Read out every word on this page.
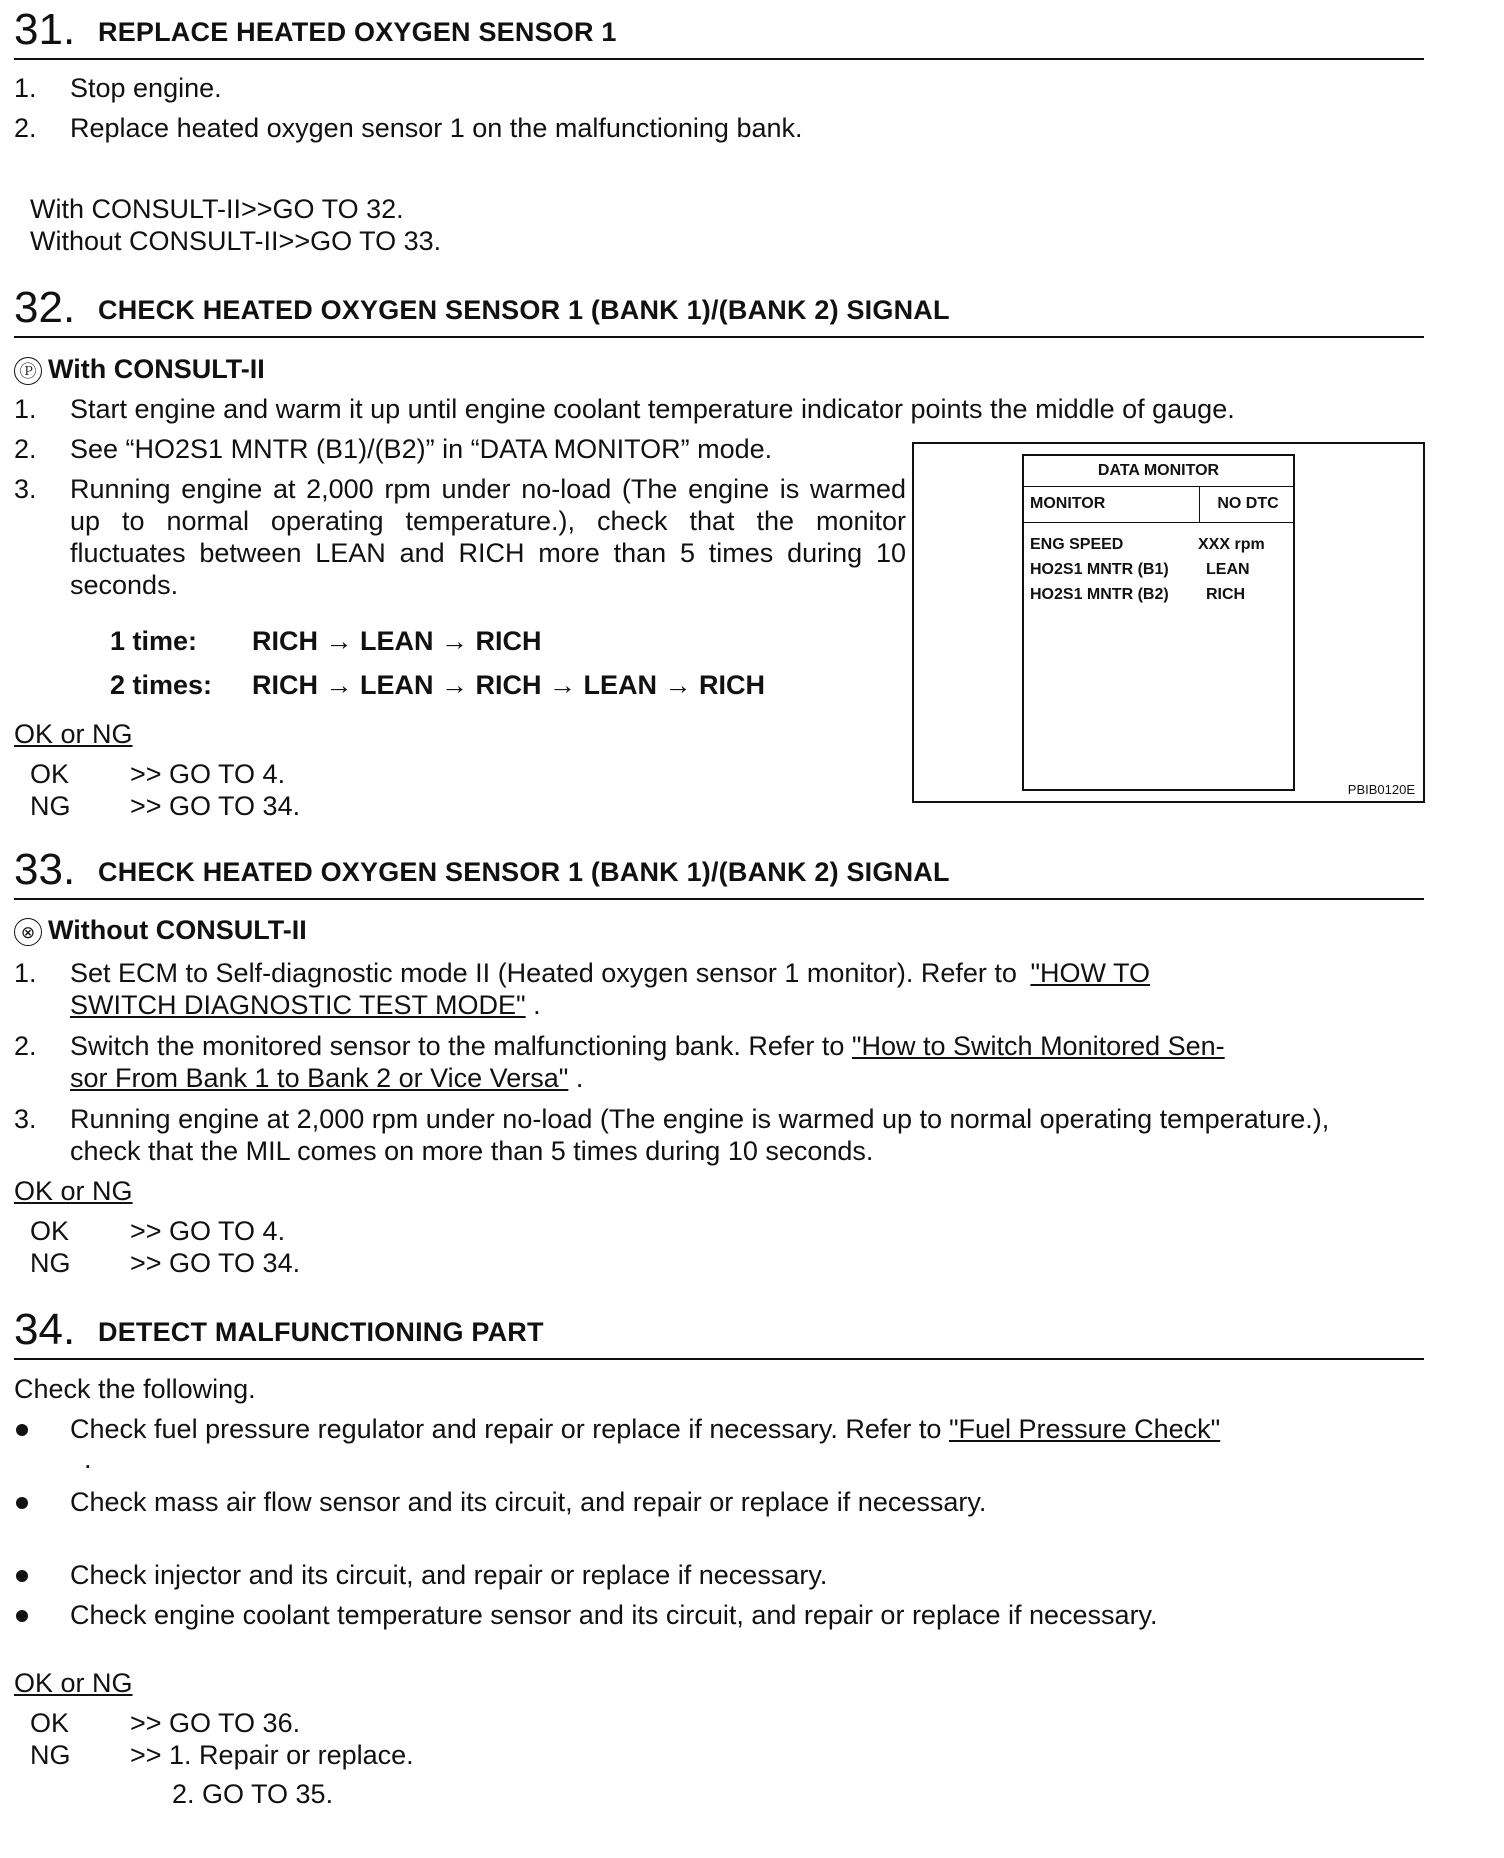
31. REPLACE HEATED OXYGEN SENSOR 1
1. Stop engine.
2. Replace heated oxygen sensor 1 on the malfunctioning bank.
With CONSULT-II>>GO TO 32.
Without CONSULT-II>>GO TO 33.
32. CHECK HEATED OXYGEN SENSOR 1 (BANK 1)/(BANK 2) SIGNAL
Ⓟ With CONSULT-II
1. Start engine and warm it up until engine coolant temperature indicator points the middle of gauge.
2. See “HO2S1 MNTR (B1)/(B2)” in “DATA MONITOR” mode.
3. Running engine at 2,000 rpm under no-load (The engine is warmed up to normal operating temperature.), check that the monitor fluctuates between LEAN and RICH more than 5 times during 10 seconds.
1 time: RICH → LEAN → RICH
2 times: RICH → LEAN → RICH → LEAN → RICH
OK or NG
OK >> GO TO 4.
NG >> GO TO 34.
DATA MONITOR
MONITOR	NO DTC
ENG SPEED	XXX rpm
HO2S1 MNTR (B1) LEAN
HO2S1 MNTR (B2) RICH
PBIB0120E
33. CHECK HEATED OXYGEN SENSOR 1 (BANK 1)/(BANK 2) SIGNAL
⊗ Without CONSULT-II
1. Set ECM to Self-diagnostic mode II (Heated oxygen sensor 1 monitor). Refer to "HOW TO
SWITCH DIAGNOSTIC TEST MODE" .
2. Switch the monitored sensor to the malfunctioning bank. Refer to "How to Switch Monitored Sen-
sor From Bank 1 to Bank 2 or Vice Versa" .
3. Running engine at 2,000 rpm under no-load (The engine is warmed up to normal operating temperature.),
check that the MIL comes on more than 5 times during 10 seconds.
OK or NG
OK >> GO TO 4.
NG >> GO TO 34.
34. DETECT MALFUNCTIONING PART
Check the following.
Check fuel pressure regulator and repair or replace if necessary. Refer to "Fuel Pressure Check"
.
Check mass air flow sensor and its circuit, and repair or replace if necessary.
Check injector and its circuit, and repair or replace if necessary.
Check engine coolant temperature sensor and its circuit, and repair or replace if necessary.
OK or NG
OK >> GO TO 36.
NG >> 1. Repair or replace.
2. GO TO 35.
